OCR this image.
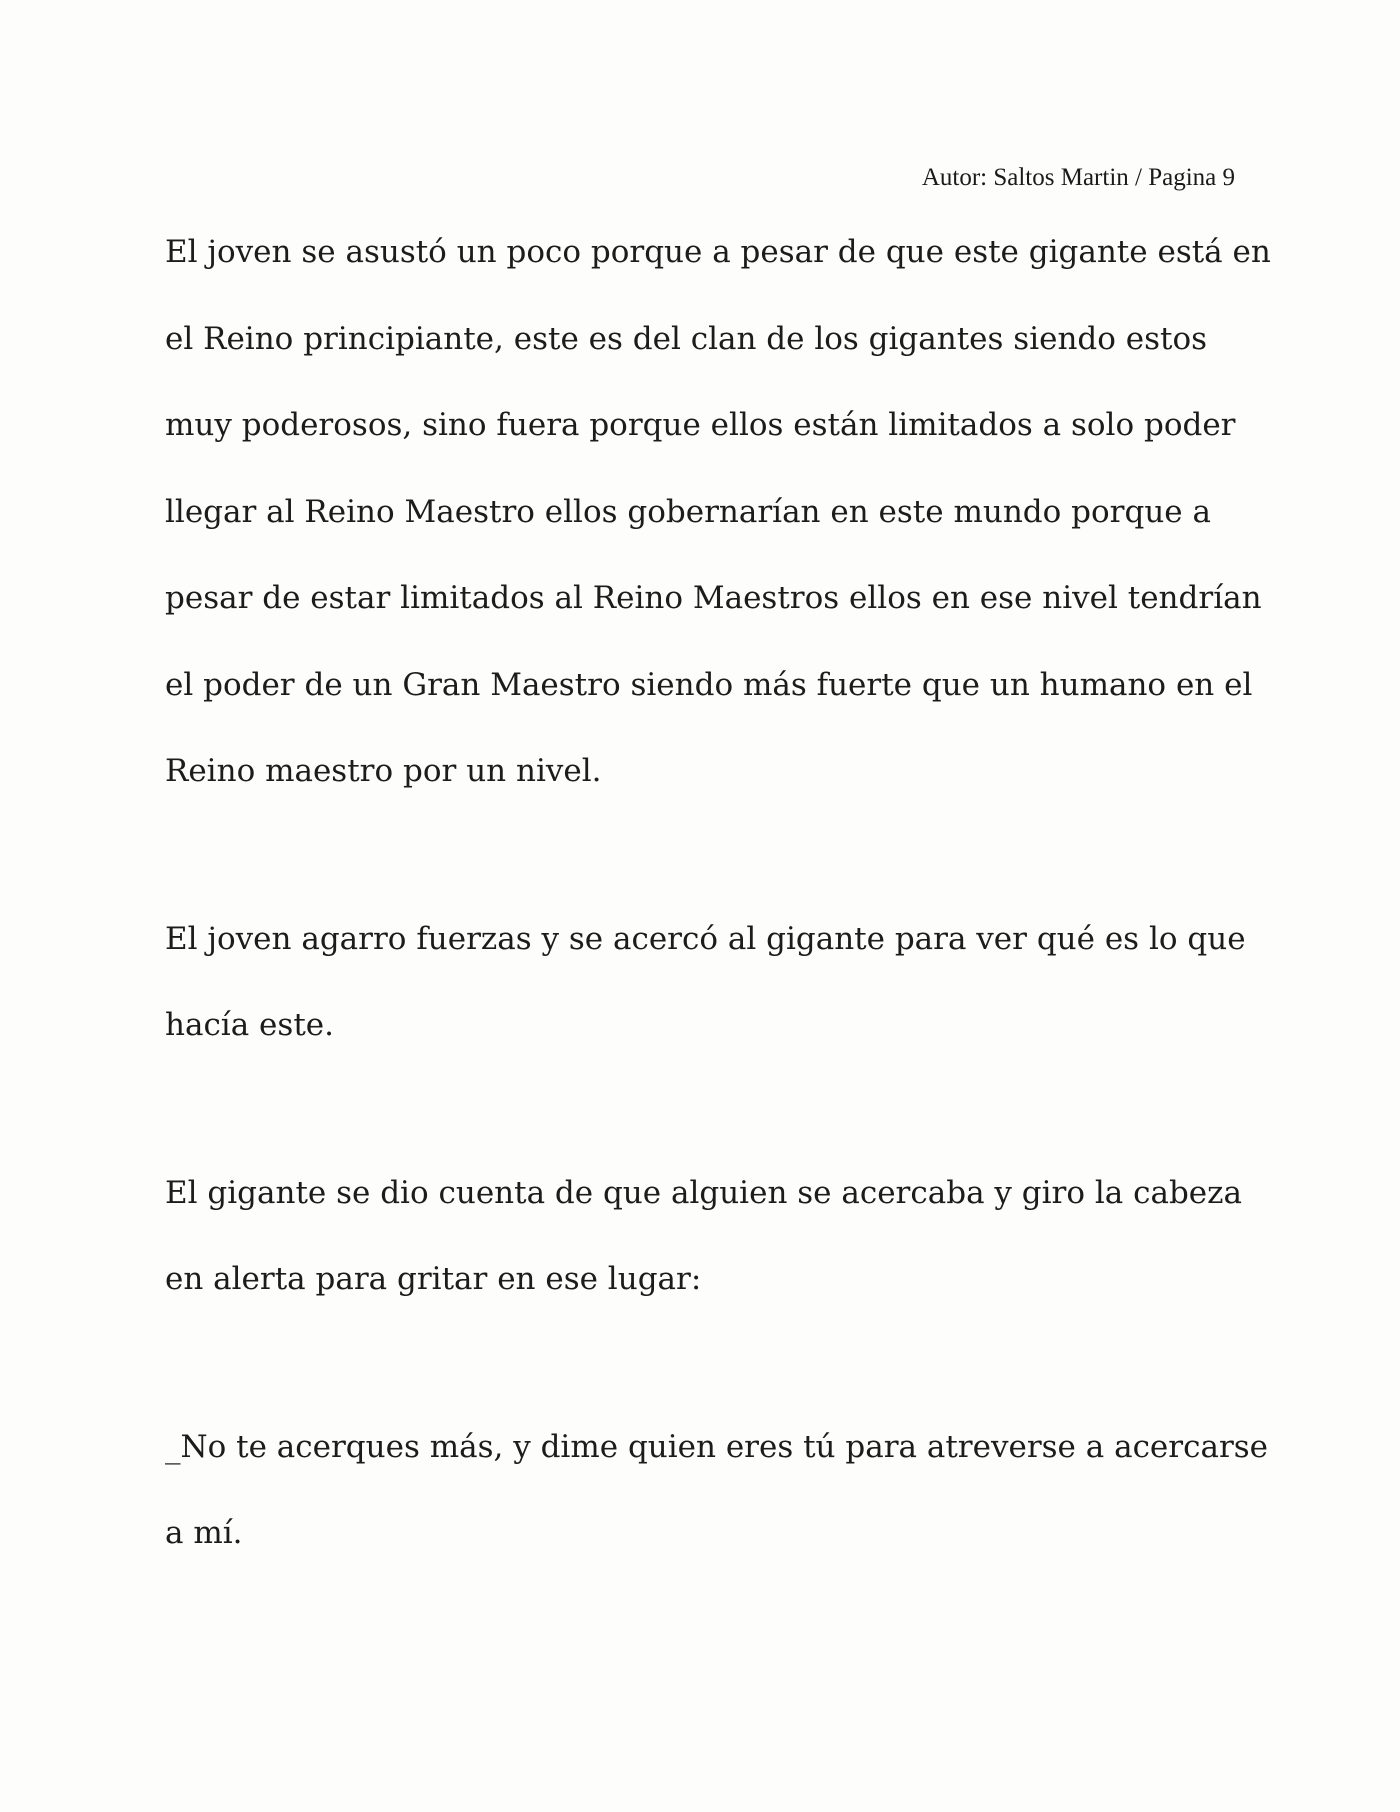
Autor: Saltos Martin / Pagina 9
El joven se asustó un poco porque a pesar de que este gigante está en
el Reino principiante, este es del clan de los gigantes siendo estos
muy poderosos, sino fuera porque ellos están limitados a solo poder
llegar al Reino Maestro ellos gobernarían en este mundo porque a
pesar de estar limitados al Reino Maestros ellos en ese nivel tendrían
el poder de un Gran Maestro siendo más fuerte que un humano en el
Reino maestro por un nivel.
El joven agarro fuerzas y se acercó al gigante para ver qué es lo que
hacía este.
El gigante se dio cuenta de que alguien se acercaba y giro la cabeza
en alerta para gritar en ese lugar:
_No te acerques más, y dime quien eres tú para atreverse a acercarse
a mí.
